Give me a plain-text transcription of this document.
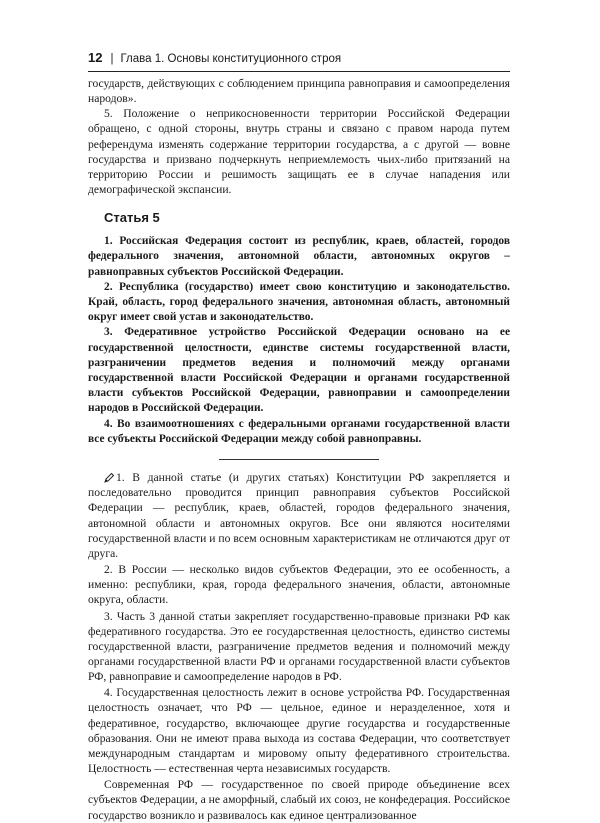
12 | Глава 1. Основы конституционного строя

государств, действующих с соблюдением принципа равноправия и самоопределения народов».

5. Положение о неприкосновенности территории Российской Федерации обращено, с одной стороны, внутрь страны и связано с правом народа путем референдума изменять содержание территории государства, а с другой — вовне государства и призвано подчеркнуть неприемлемость чьих-либо притязаний на территорию России и решимость защищать ее в случае нападения или демографической экспансии.

Статья 5

1. Российская Федерация состоит из республик, краев, областей, городов федерального значения, автономной области, автономных округов – равноправных субъектов Российской Федерации.

2. Республика (государство) имеет свою конституцию и законодательство. Край, область, город федерального значения, автономная область, автономный округ имеет свой устав и законодательство.

3. Федеративное устройство Российской Федерации основано на ее государственной целостности, единстве системы государственной власти, разграничении предметов ведения и полномочий между органами государственной власти Российской Федерации и органами государственной власти субъектов Российской Федерации, равноправии и самоопределении народов в Российской Федерации.

4. Во взаимоотношениях с федеральными органами государственной власти все субъекты Российской Федерации между собой равноправны.

1. В данной статье (и других статьях) Конституции РФ закрепляется и последовательно проводится принцип равноправия субъектов Российской Федерации — республик, краев, областей, городов федерального значения, автономной области и автономных округов. Все они являются носителями государственной власти и по всем основным характеристикам не отличаются друг от друга.

2. В России — несколько видов субъектов Федерации, это ее особенность, а именно: республики, края, города федерального значения, области, автономные округа, области.

3. Часть 3 данной статьи закрепляет государственно-правовые признаки РФ как федеративного государства. Это ее государственная целостность, единство системы государственной власти, разграничение предметов ведения и полномочий между органами государственной власти РФ и органами государственной власти субъектов РФ, равноправие и самоопределение народов в РФ.

4. Государственная целостность лежит в основе устройства РФ. Государственная целостность означает, что РФ — цельное, единое и неразделенное, хотя и федеративное, государство, включающее другие государства и государственные образования. Они не имеют права выхода из состава Федерации, что соответствует международным стандартам и мировому опыту федеративного строительства. Целостность — естественная черта независимых государств.

Современная РФ — государственное по своей природе объединение всех субъектов Федерации, а не аморфный, слабый их союз, не конфедерация. Российское государство возникло и развивалось как единое централизованное
